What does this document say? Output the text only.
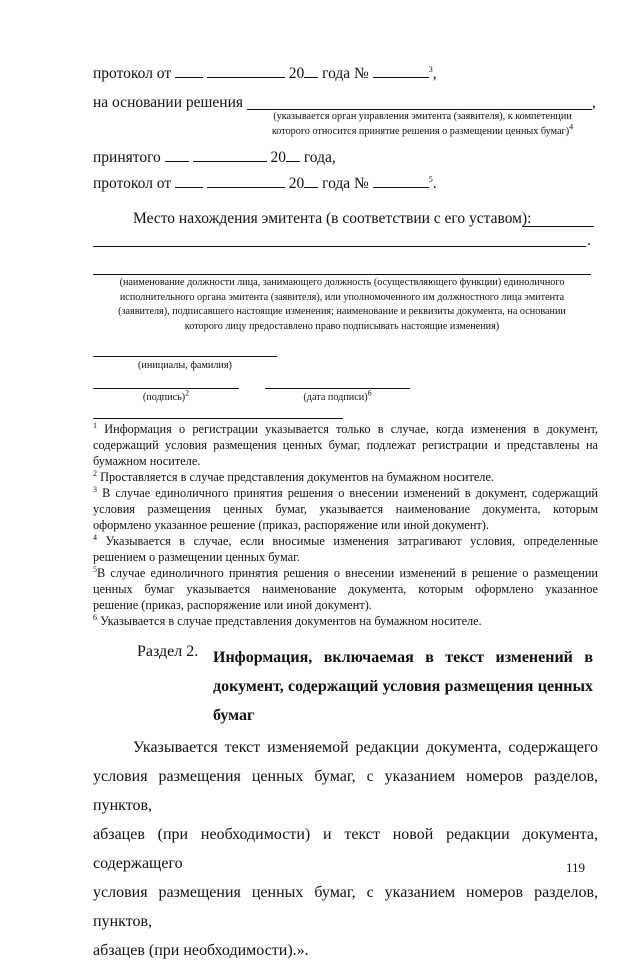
протокол от	20 года №	$^3$,
на основании решения	,
(указывается орган управления эмитента (заявителя), к компетенции
которого относится принятие решения о размещении ценных бумаг)$^4$
принятого	20 года,
протокол от	20 года №	$^5$.
Место нахождения эмитента (в соответствии с его уставом):
.
(наименование должности лица, занимающего должность (осуществляющего функции) единоличного
исполнительного органа эмитента (заявителя), или уполномоченного им должностного лица эмитента
(заявителя), подписавшего настоящие изменения; наименование и реквизиты документа, на основании
которого лицу предоставлено право подписывать настоящие изменения)
(инициалы, фамилия)
(подпись)$^2$	(дата подписи)$^6$
$^1$ Информация о регистрации указывается только в случае, когда изменения в документ,
содержащий условия размещения ценных бумаг, подлежат регистрации и представлены на
бумажном носителе.
$^2$ Проставляется в случае представления документов на бумажном носителе.
$^3$ В случае единоличного принятия решения о внесении изменений в документ, содержащий
условия размещения ценных бумаг, указывается наименование документа, которым
оформлено указанное решение (приказ, распоряжение или иной документ).
$^4$ Указывается в случае, если вносимые изменения затрагивают условия, определенные
решением о размещении ценных бумаг.
$^5$В случае единоличного принятия решения о внесении изменений в решение о размещении
ценных бумаг указывается наименование документа, которым оформлено указанное
решение (приказ, распоряжение или иной документ).
$^6$ Указывается в случае представления документов на бумажном носителе.
Раздел 2. Информация, включаемая в текст изменений в
документ, содержащий условия размещения ценных
бумаг
Указывается текст изменяемой редакции документа, содержащего
условия размещения ценных бумаг, с указанием номеров разделов, пунктов,
абзацев (при необходимости) и текст новой редакции документа, содержащего
условия размещения ценных бумаг, с указанием номеров разделов, пунктов,
абзацев (при необходимости).».
119
